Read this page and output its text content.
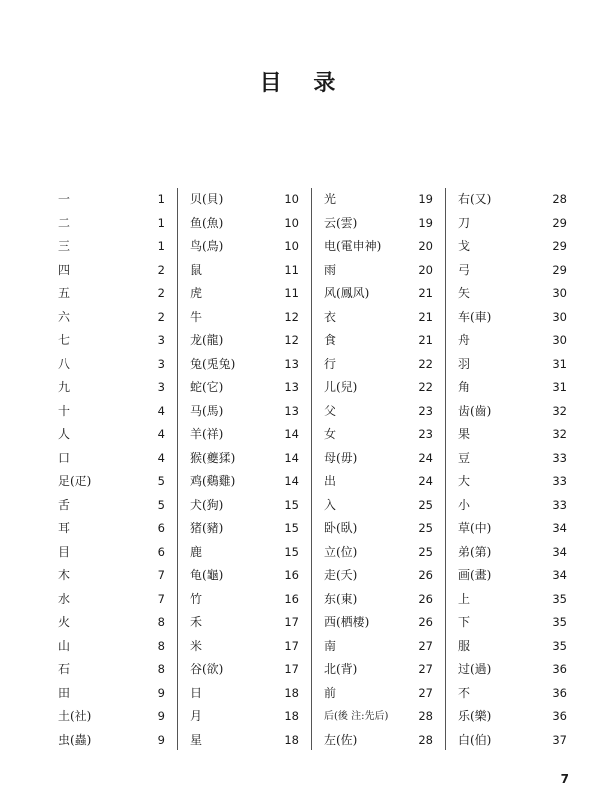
目 录
一	1
二	1
三	1
四	2
五	2
六	2
七	3
八	3
九	3
十	4
人	4
口	4
足(疋)	5
舌	5
耳	6
目	6
木	7
水	7
火	8
山	8
石	8
田	9
土(社)	9
虫(蟲)	9
贝(貝)	10
鱼(魚)	10
鸟(鳥)	10
鼠	11
虎	11
牛	12
龙(龍)	12
兔(兎兔)	13
蛇(它)	13
马(馬)	13
羊(祥)	14
猴(夔猱)	14
鸡(鷄雞)	14
犬(狗)	15
猪(豬)	15
鹿	15
龟(龜)	16
竹	16
禾	17
米	17
谷(欲)	17
日	18
月	18
星	18
光	19
云(雲)	19
电(電申神)	20
雨	20
风(鳳风)	21
衣	21
食	21
行	22
儿(兒)	22
父	23
女	23
母(毋)	24
出	24
入	25
卧(臥)	25
立(位)	25
走(夭)	26
东(東)	26
西(栖棲)	26
南	27
北(背)	27
前	27
后(後 注:先后)	28
左(佐)	28
右(又)	28
刀	29
戈	29
弓	29
矢	30
车(車)	30
舟	30
羽	31
角	31
齿(齒)	32
果	32
豆	33
大	33
小	33
草(中)	34
弟(第)	34
画(畫)	34
上	35
下	35
服	35
过(過)	36
不	36
乐(樂)	36
白(伯)	37
7
